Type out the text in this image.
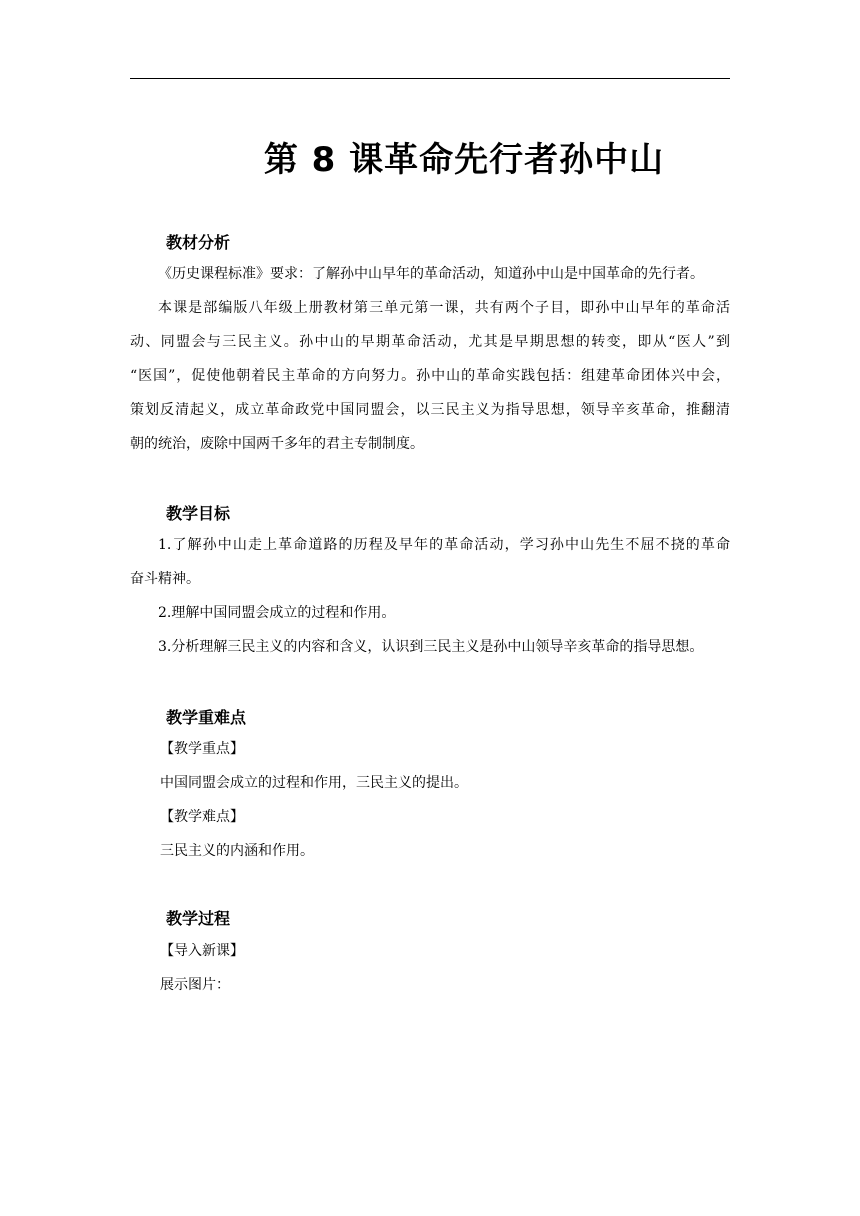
第 8 课革命先行者孙中山
教材分析
《历史课程标准》要求：了解孙中山早年的革命活动，知道孙中山是中国革命的先行者。
本课是部编版八年级上册教材第三单元第一课，共有两个子目，即孙中山早年的革命活
动、同盟会与三民主义。孙中山的早期革命活动，尤其是早期思想的转变，即从“医人”到
“医国”，促使他朝着民主革命的方向努力。孙中山的革命实践包括：组建革命团体兴中会，
策划反清起义，成立革命政党中国同盟会，以三民主义为指导思想，领导辛亥革命，推翻清
朝的统治，废除中国两千多年的君主专制制度。
教学目标
1.了解孙中山走上革命道路的历程及早年的革命活动，学习孙中山先生不屈不挠的革命
奋斗精神。
2.理解中国同盟会成立的过程和作用。
3.分析理解三民主义的内容和含义，认识到三民主义是孙中山领导辛亥革命的指导思想。
教学重难点
【教学重点】
中国同盟会成立的过程和作用，三民主义的提出。
【教学难点】
三民主义的内涵和作用。
教学过程
【导入新课】
展示图片：
